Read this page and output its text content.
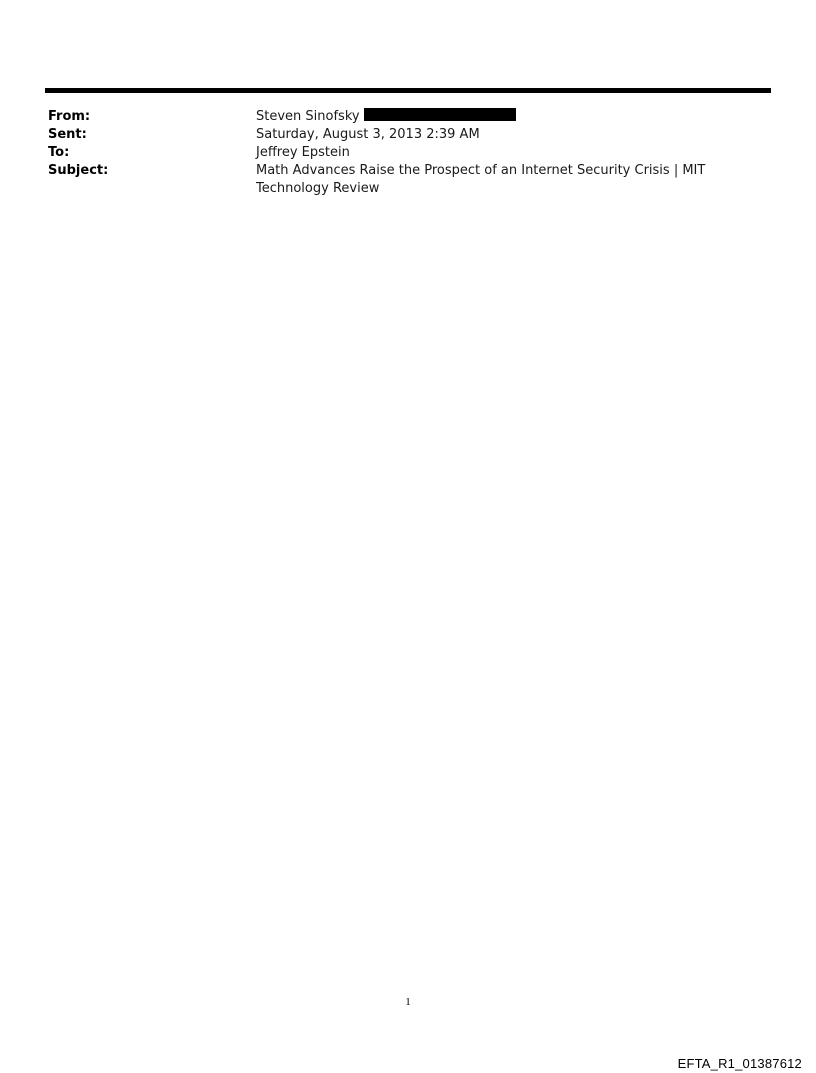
From:	Steven Sinofsky
Sent:	Saturday, August 3, 2013 2:39 AM
To:	Jeffrey Epstein
Subject:	Math Advances Raise the Prospect of an Internet Security Crisis | MIT Technology Review
1
EFTA_R1_01387612
